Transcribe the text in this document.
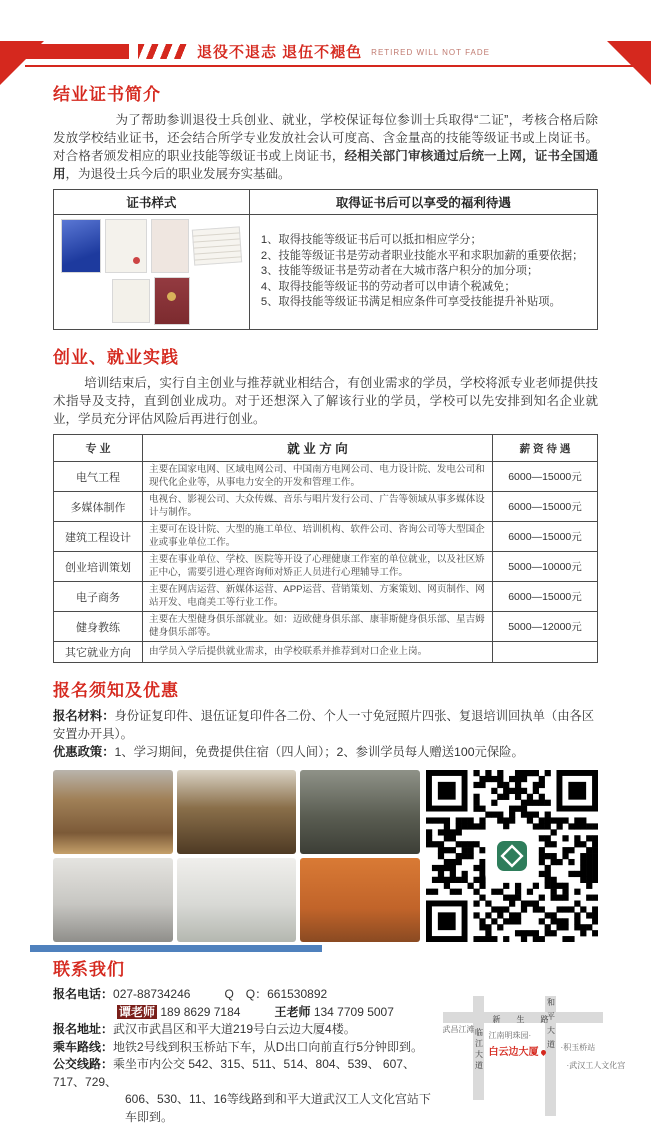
退役不退志 退伍不褪色 RETIRED WILL NOT FADE
结业证书简介

为了帮助参训退役士兵创业、就业，学校保证每位参训士兵取得“二证”，考核合格后除发放学校结业证书，还会结合所学专业发放社会认可度高、含金量高的技能等级证书或上岗证书。对合格者颁发相应的职业技能等级证书或上岗证书，经相关部门审核通过后统一上网，证书全国通用，为退役士兵今后的职业发展夯实基础。

证书样式	取得证书后可以享受的福利待遇

1、取得技能等级证书后可以抵扣相应学分；
2、技能等级证书是劳动者职业技能水平和求职加薪的重要依据；
3、技能等级证书是劳动者在大城市落户积分的加分项；
4、取得技能等级证书的劳动者可以申请个税减免；
5、取得技能等级证书满足相应条件可享受技能提升补贴项。
创业、就业实践

培训结束后，实行自主创业与推荐就业相结合，有创业需求的学员，学校将派专业老师提供技术指导及支持，直到创业成功。对于还想深入了解该行业的学员，学校可以先安排到知名企业就业，学员充分评估风险后再进行创业。

专 业	就 业 方 向	薪 资 待 遇
电气工程	主要在国家电网、区域电网公司、中国南方电网公司、电力设计院、发电公司和现代化企业等，从事电力安全的开发和管理工作。	6000—15000元
多媒体制作	电视台、影视公司、大众传媒、音乐与唱片发行公司、广告等领域从事多媒体设计与制作。	6000—15000元
建筑工程设计	主要可在设计院、大型的施工单位、培训机构、软件公司、咨询公司等大型国企业或事业单位工作。	6000—15000元
创业培训策划	主要在事业单位、学校、医院等开设了心理健康工作室的单位就业，以及社区矫正中心，需要引进心理咨询师对矫正人员进行心理辅导工作。	5000—10000元
电子商务	主要在网店运营、新媒体运营、APP运营、营销策划、方案策划、网页制作、网站开发、电商美工等行业工作。	6000—15000元
健身教练	主要在大型健身俱乐部就业。如：迈欧健身俱乐部、康菲斯健身俱乐部、星吉姆健身俱乐部等。	5000—12000元
其它就业方向	由学员入学后提供就业需求，由学校联系并推荐到对口企业上岗。	
报名须知及优惠
报名材料：身份证复印件、退伍证复印件各二份、个人一寸免冠照片四张、复退培训回执单（由各区安置办开具）。
优惠政策：1、学习期间，免费提供住宿（四人间）；2、参训学员每人赠送100元保险。
联系我们
报名电话：027-88734246	Q　Q：661530892
谭老师 189 8629 7184	王老师 134 7709 5007
报名地址：武汉市武昌区和平大道219号白云边大厦4楼。
乘车路线：地铁2号线到积玉桥站下车，从D出口向前直行5分钟即到。
公交线路：乘坐市内公交 542、315、511、514、804、539、 607、717、729、
606、530、11、16等线路到和平大道武汉工人文化宫站下车即到。
新生路
临江大道	和平大道
武昌江滩·
江南明珠园·
白云边大厦	·积玉桥站
·武汉工人文化宫
